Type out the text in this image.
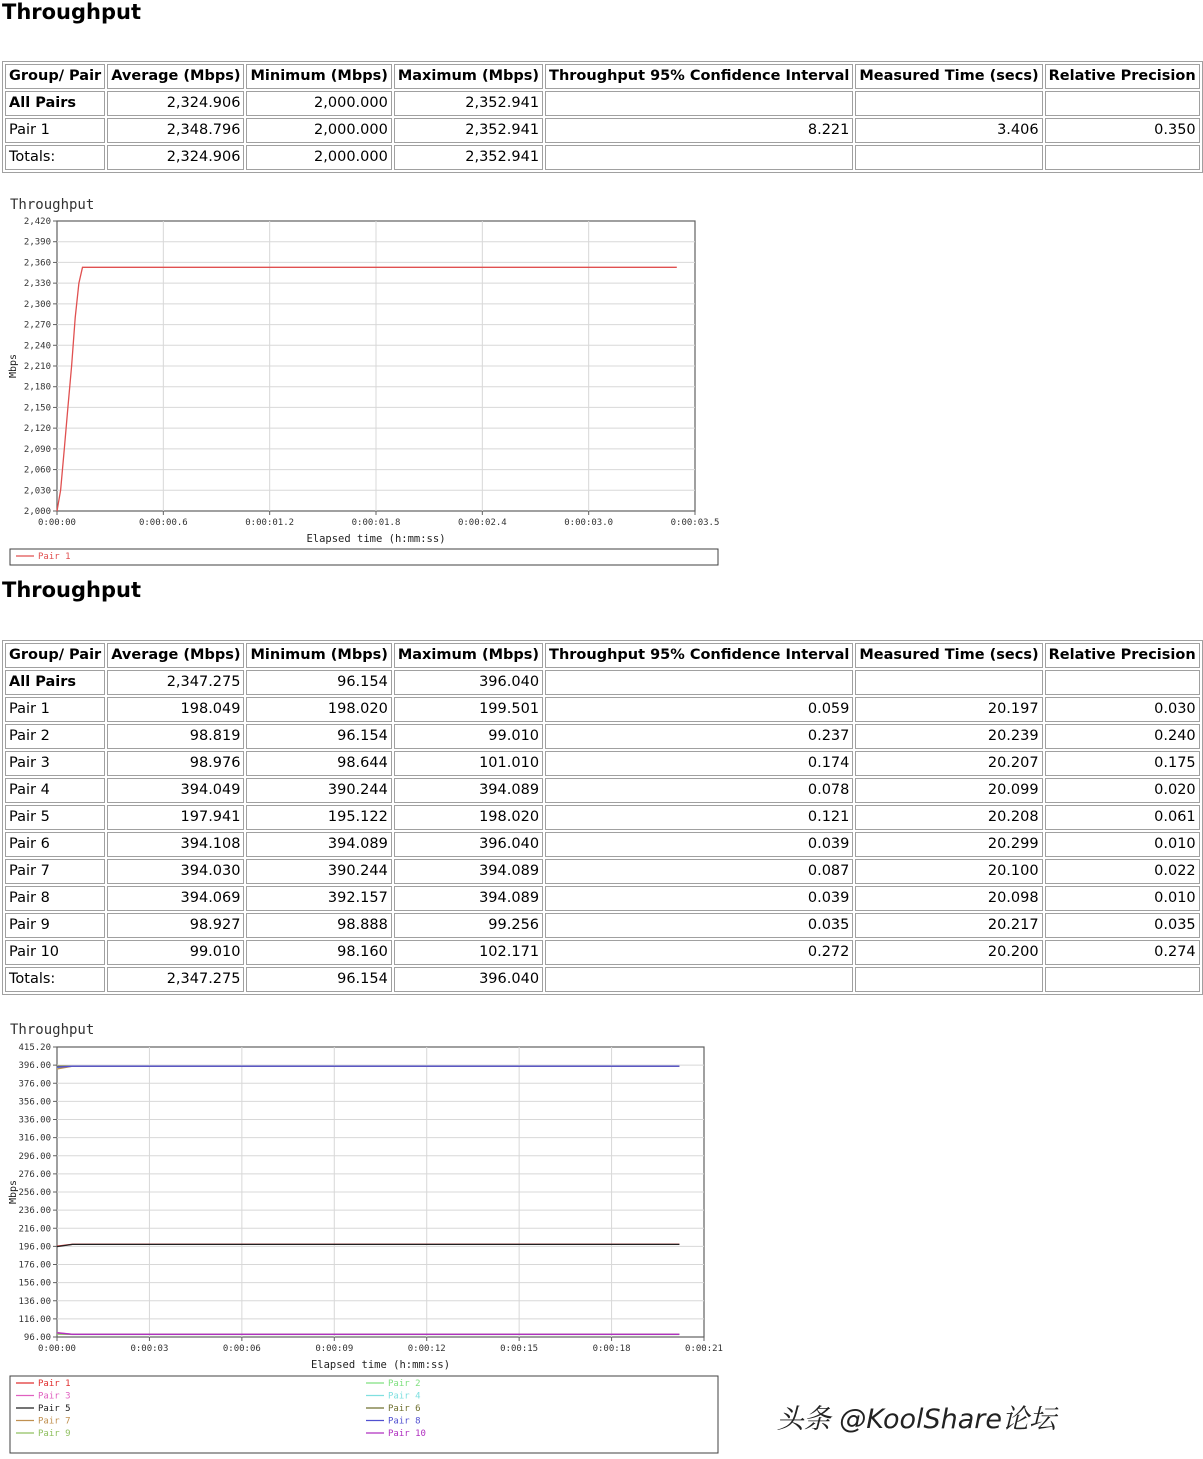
Throughput
Group/ Pair	Average (Mbps)	Minimum (Mbps)	Maximum (Mbps)	Throughput 95% Confidence Interval	Measured Time (secs)	Relative Precision
All Pairs	2,324.906	2,000.000	2,352.941			
Pair 1	2,348.796	2,000.000	2,352.941	8.221	3.406	0.350
Totals:	2,324.906	2,000.000	2,352.941			
Throughput
2,000
2,030
2,060
2,090
2,120
2,150
2,180
2,210
2,240
2,270
2,300
2,330
2,360
2,390
2,420
0:00:00	0:00:00.6	0:00:01.2	0:00:01.8	0:00:02.4	0:00:03.0	0:00:03.5
Elapsed time (h:mm:ss)
Mbps
Pair 1
Throughput
Group/ Pair	Average (Mbps)	Minimum (Mbps)	Maximum (Mbps)	Throughput 95% Confidence Interval	Measured Time (secs)	Relative Precision
All Pairs	2,347.275	96.154	396.040			
Pair 1	198.049	198.020	199.501	0.059	20.197	0.030
Pair 2	98.819	96.154	99.010	0.237	20.239	0.240
Pair 3	98.976	98.644	101.010	0.174	20.207	0.175
Pair 4	394.049	390.244	394.089	0.078	20.099	0.020
Pair 5	197.941	195.122	198.020	0.121	20.208	0.061
Pair 6	394.108	394.089	396.040	0.039	20.299	0.010
Pair 7	394.030	390.244	394.089	0.087	20.100	0.022
Pair 8	394.069	392.157	394.089	0.039	20.098	0.010
Pair 9	98.927	98.888	99.256	0.035	20.217	0.035
Pair 10	99.010	98.160	102.171	0.272	20.200	0.274
Totals:	2,347.275	96.154	396.040			
Throughput
96.00
116.00
136.00
156.00
176.00
196.00
216.00
236.00
256.00
276.00
296.00
316.00
336.00
356.00
376.00
396.00
415.20
0:00:00	0:00:03	0:00:06	0:00:09	0:00:12	0:00:15	0:00:18	0:00:21
Elapsed time (h:mm:ss)
Mbps
Pair 1	Pair 2
Pair 3	Pair 4
Pair 5	Pair 6
Pair 7	Pair 8
Pair 9	Pair 10	头条 @KoolShare论坛
